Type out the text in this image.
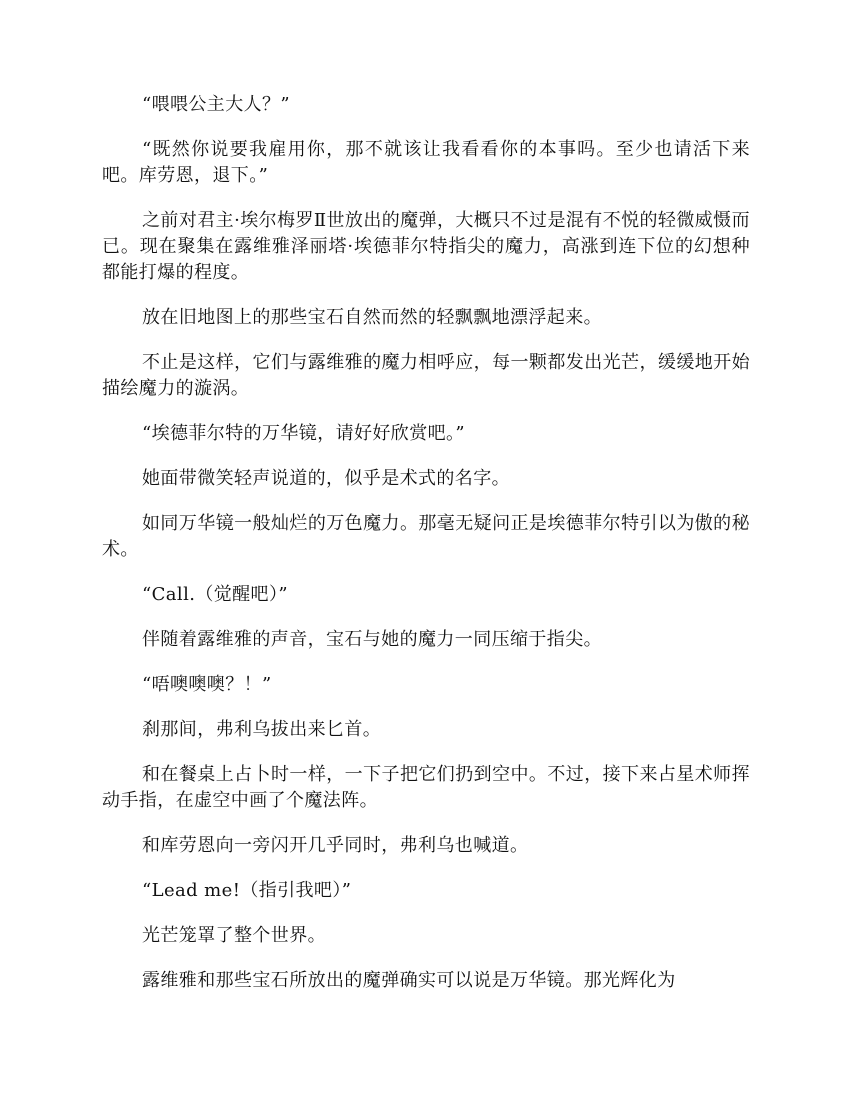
“喂喂公主大人？”

“既然你说要我雇用你，那不就该让我看看你的本事吗。至少也请活下来吧。库劳恩，退下。”

之前对君主·埃尔梅罗Ⅱ世放出的魔弹，大概只不过是混有不悦的轻微威慑而已。现在聚集在露维雅泽丽塔·埃德菲尔特指尖的魔力，高涨到连下位的幻想种都能打爆的程度。

放在旧地图上的那些宝石自然而然的轻飘飘地漂浮起来。

不止是这样，它们与露维雅的魔力相呼应，每一颗都发出光芒，缓缓地开始描绘魔力的漩涡。

“埃德菲尔特的万华镜，请好好欣赏吧。”

她面带微笑轻声说道的，似乎是术式的名字。

如同万华镜一般灿烂的万色魔力。那毫无疑问正是埃德菲尔特引以为傲的秘术。

“Call.（觉醒吧）”

伴随着露维雅的声音，宝石与她的魔力一同压缩于指尖。

“唔噢噢噢？！”

刹那间，弗利乌拔出来匕首。

和在餐桌上占卜时一样，一下子把它们扔到空中。不过，接下来占星术师挥动手指，在虚空中画了个魔法阵。

和库劳恩向一旁闪开几乎同时，弗利乌也喊道。

“Lead me!（指引我吧）”

光芒笼罩了整个世界。

露维雅和那些宝石所放出的魔弹确实可以说是万华镜。那光辉化为
